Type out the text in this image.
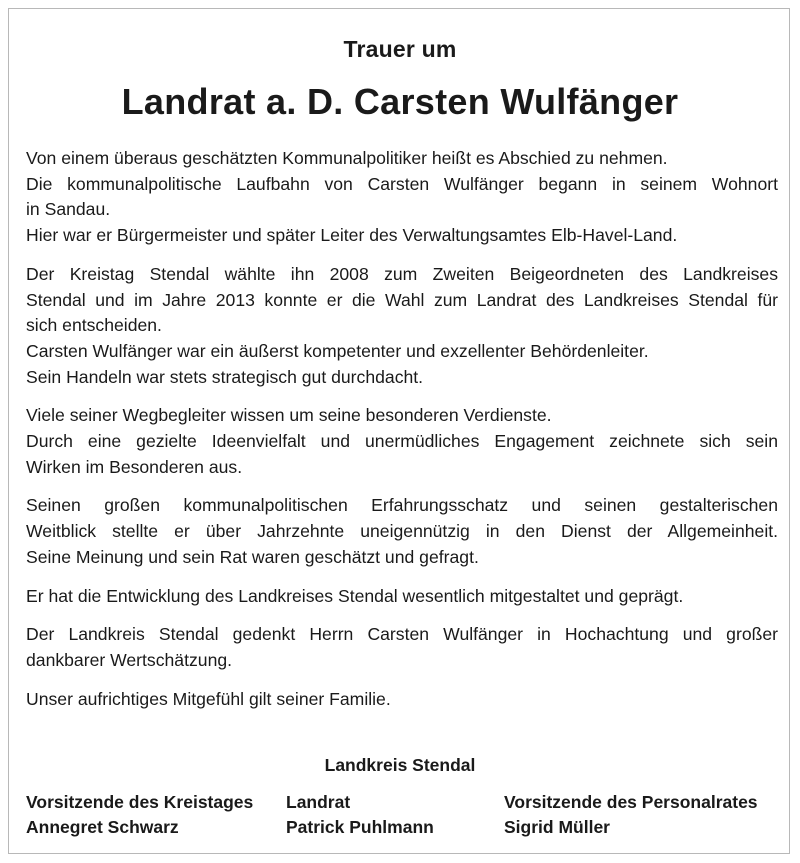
Trauer um
Landrat a. D. Carsten Wulfänger

Von einem überaus geschätzten Kommunalpolitiker heißt es Abschied zu nehmen.
Die kommunalpolitische Laufbahn von Carsten Wulfänger begann in seinem Wohnort
in Sandau.
Hier war er Bürgermeister und später Leiter des Verwaltungsamtes Elb-Havel-Land.

Der Kreistag Stendal wählte ihn 2008 zum Zweiten Beigeordneten des Landkreises
Stendal und im Jahre 2013 konnte er die Wahl zum Landrat des Landkreises Stendal für
sich entscheiden.
Carsten Wulfänger war ein äußerst kompetenter und exzellenter Behördenleiter.
Sein Handeln war stets strategisch gut durchdacht.

Viele seiner Wegbegleiter wissen um seine besonderen Verdienste.
Durch eine gezielte Ideenvielfalt und unermüdliches Engagement zeichnete sich sein
Wirken im Besonderen aus.

Seinen großen kommunalpolitischen Erfahrungsschatz und seinen gestalterischen
Weitblick stellte er über Jahrzehnte uneigennützig in den Dienst der Allgemeinheit.
Seine Meinung und sein Rat waren geschätzt und gefragt.

Er hat die Entwicklung des Landkreises Stendal wesentlich mitgestaltet und geprägt.

Der Landkreis Stendal gedenkt Herrn Carsten Wulfänger in Hochachtung und großer
dankbarer Wertschätzung.

Unser aufrichtiges Mitgefühl gilt seiner Familie.

Landkreis Stendal
Vorsitzende des Kreistages
Annegret Schwarz
Landrat
Patrick Puhlmann
Vorsitzende des Personalrates
Sigrid Müller
